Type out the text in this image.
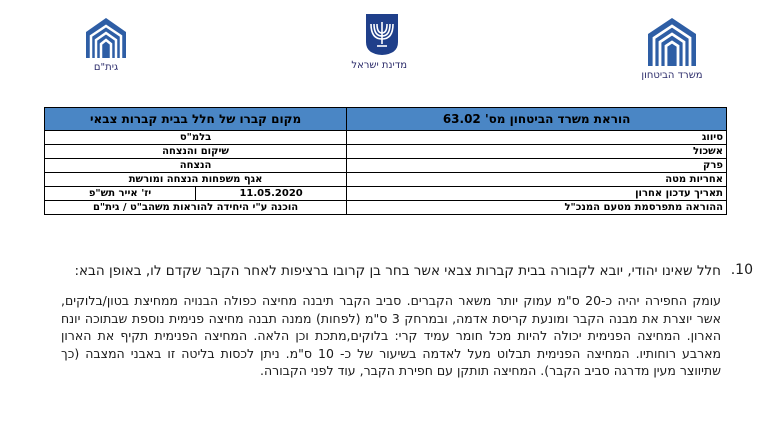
גית"ם	מדינת ישראל
משרד הביטחון
הוראת משרד הביטחון מס' 63.02	מקום קברו של חלל בבית קברות צבאי	
סיווג	בלמ"ס	
אשכול	שיקום והנצחה	
פרק	הנצחה	
אחריות מטה	אגף משפחות הנצחה ומורשת	
תאריך עדכון אחרון	11.05.2020	יז' אייר תש"פ
ההוראה מתפרסמת מטעם המנכ"ל	הוכנה ע"י היחידה להוראות משהב"ט / גית"ם	
10.
חלל שאינו יהודי, יובא לקבורה בבית קברות צבאי אשר בחר בן קרובו ברציפות לאחר הקבר שקדם לו, באופן הבא:
עומק החפירה יהיה כ-20 ס"מ עמוק יותר משאר הקברים. סביב הקבר תיבנה מחיצה כפולה הבנויה ממחיצת בטון/בלוקים, אשר יוצרת את מבנה הקבר ומונעת קריסת אדמה, ובמרחק 3 ס"מ (לפחות) ממנה תבנה מחיצה פנימית נוספת שבתוכה יונח הארון. המחיצה הפנימית יכולה להיות מכל חומר עמיד קרי: בלוקים,מתכת וכן הלאה. המחיצה הפנימית תקיף את הארון מארבע רוחותיו. המחיצה הפנימית תבלוט מעל לאדמה בשיעור של כ- 10 ס"מ. ניתן לכסות בליטה זו באבני המצבה (כך שתיווצר מעין מדרגה סביב הקבר). המחיצה תותקן עם חפירת הקבר, עוד לפני הקבורה.
